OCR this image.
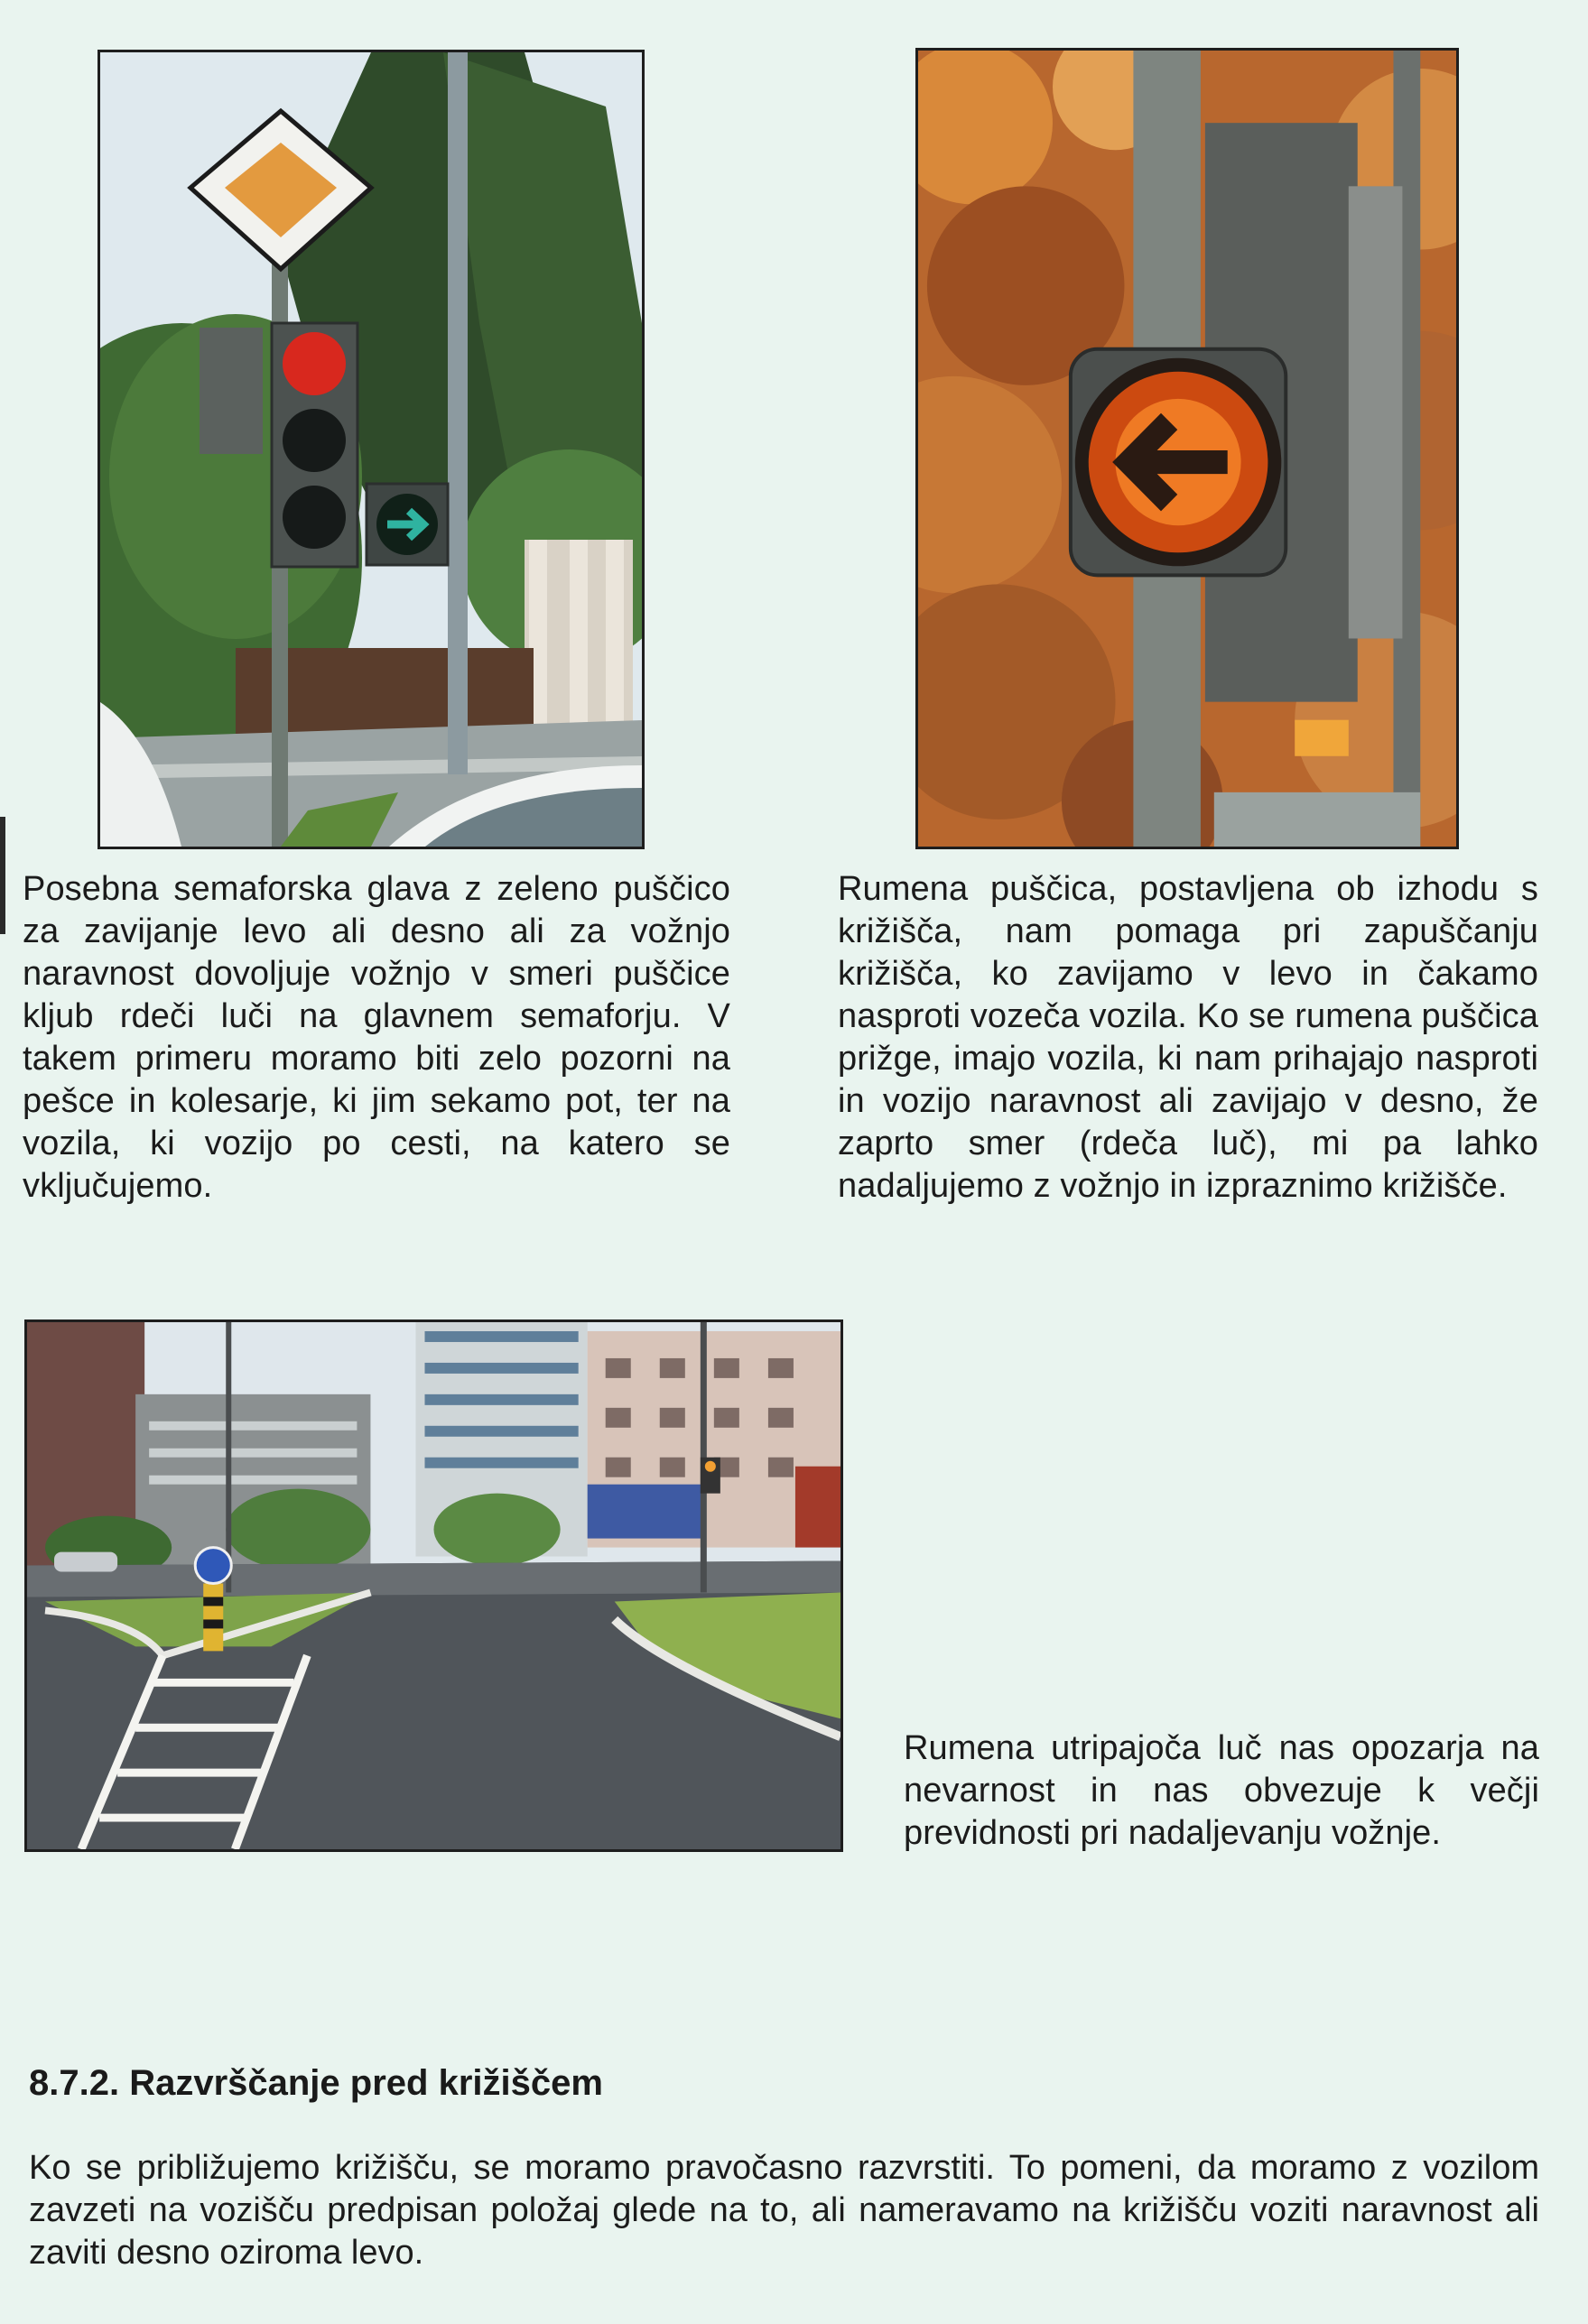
Posebna semaforska glava z zeleno puščico za zavijanje levo ali desno ali za vožnjo naravnost dovoljuje vožnjo v smeri puščice kljub rdeči luči na glavnem semaforju. V takem primeru moramo biti zelo pozorni na pešce in kolesarje, ki jim sekamo pot, ter na vozila, ki vozijo po cesti, na katero se vključujemo.
Rumena puščica, postavljena ob izhodu s križišča, nam pomaga pri zapuščanju križišča, ko zavijamo v levo in čakamo nasproti vozeča vozila. Ko se rumena puščica prižge, imajo vozila, ki nam prihajajo nasproti in vozijo naravnost ali zavijajo v desno, že zaprto smer (rdeča luč), mi pa lahko nadaljujemo z vožnjo in izpraznimo križišče.
Rumena utripajoča luč nas opozarja na nevarnost in nas obvezuje k večji previdnosti pri nadaljevanju vožnje.
8.7.2. Razvrščanje pred križiščem
Ko se približujemo križišču, se moramo pravočasno razvrstiti. To pomeni, da moramo z vozilom zavzeti na vozišču predpisan položaj glede na to, ali nameravamo na križišču voziti naravnost ali zaviti desno oziroma levo.
